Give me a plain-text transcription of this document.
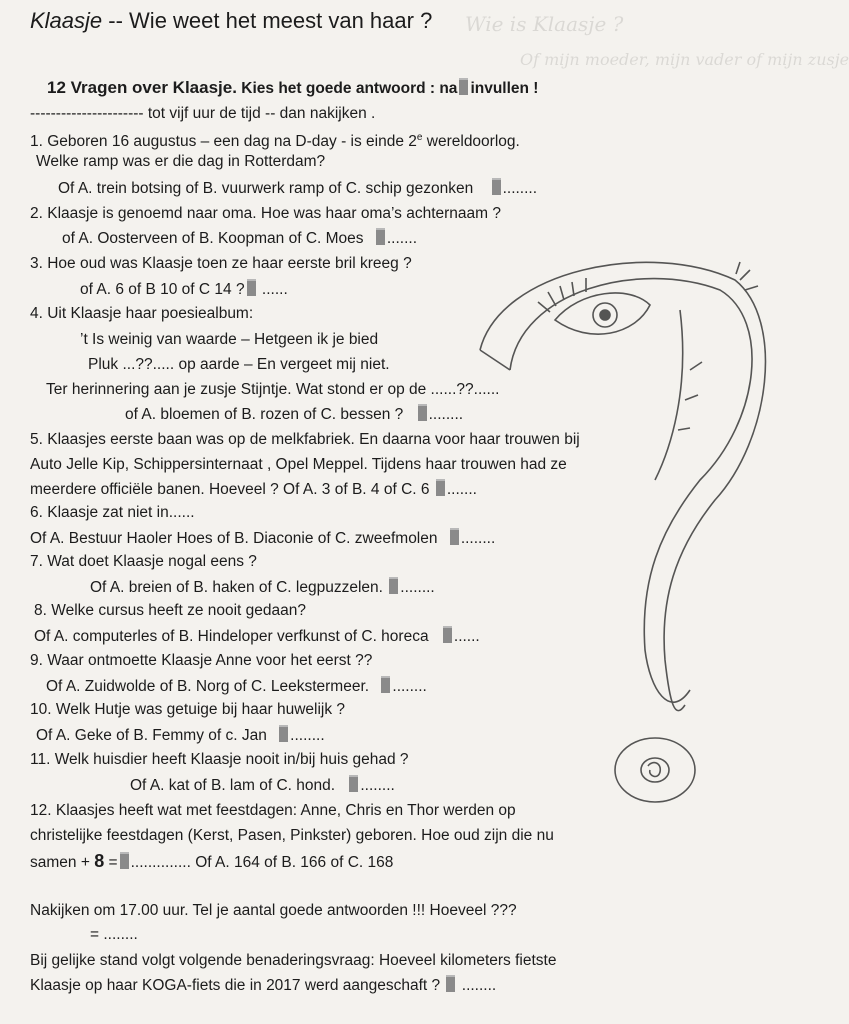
Wie is Klaasje ?
Of mijn moeder, mijn vader of mijn zusje
Klaasje -- Wie weet het meest van haar ?
12 Vragen over Klaasje. Kies het goede antwoord : na invullen !
---------------------- tot vijf uur de tijd -- dan nakijken .
1. Geboren 16 augustus – een dag na D-day - is einde 2e wereldoorlog.
Welke ramp was er die dag in Rotterdam?
Of A. trein botsing of B. vuurwerk ramp of C. schip gezonken ........
2. Klaasje is genoemd naar oma. Hoe was haar oma’s achternaam ?
of A. Oosterveen of B. Koopman of C. Moes .......
3. Hoe oud was Klaasje toen ze haar eerste bril kreeg ?
of A. 6 of B 10 of C 14 ? ......
4. Uit Klaasje haar poesiealbum:
’t Is weinig van waarde – Hetgeen ik je bied
Pluk ...??..... op aarde – En vergeet mij niet.
Ter herinnering aan je zusje Stijntje. Wat stond er op de ......??......
of A. bloemen of B. rozen of C. bessen ? ........
5. Klaasjes eerste baan was op de melkfabriek. En daarna voor haar trouwen bij
Auto Jelle Kip, Schippersinternaat , Opel Meppel. Tijdens haar trouwen had ze
meerdere officiële banen. Hoeveel ? Of A. 3 of B. 4 of C. 6 .......
6. Klaasje zat niet in......
Of A. Bestuur Haoler Hoes of B. Diaconie of C. zweefmolen ........
7. Wat doet Klaasje nogal eens ?
Of A. breien of B. haken of C. legpuzzelen. ........
8. Welke cursus heeft ze nooit gedaan?
Of A. computerles of B. Hindeloper verfkunst of C. horeca ......
9. Waar ontmoette Klaasje Anne voor het eerst ??
Of A. Zuidwolde of B. Norg of C. Leekstermeer. ........
10. Welk Hutje was getuige bij haar huwelijk ?
Of A. Geke of B. Femmy of c. Jan ........
11. Welk huisdier heeft Klaasje nooit in/bij huis gehad ?
Of A. kat of B. lam of C. hond. ........
12. Klaasjes heeft wat met feestdagen: Anne, Chris en Thor werden op
christelijke feestdagen (Kerst, Pasen, Pinkster) geboren. Hoe oud zijn die nu
samen + 8 = .............. Of A. 164 of B. 166 of C. 168
Nakijken om 17.00 uur. Tel je aantal goede antwoorden !!! Hoeveel ???
= ........
Bij gelijke stand volgt volgende benaderingsvraag: Hoeveel kilometers fietste
Klaasje op haar KOGA-fiets die in 2017 werd aangeschaft ? ........
